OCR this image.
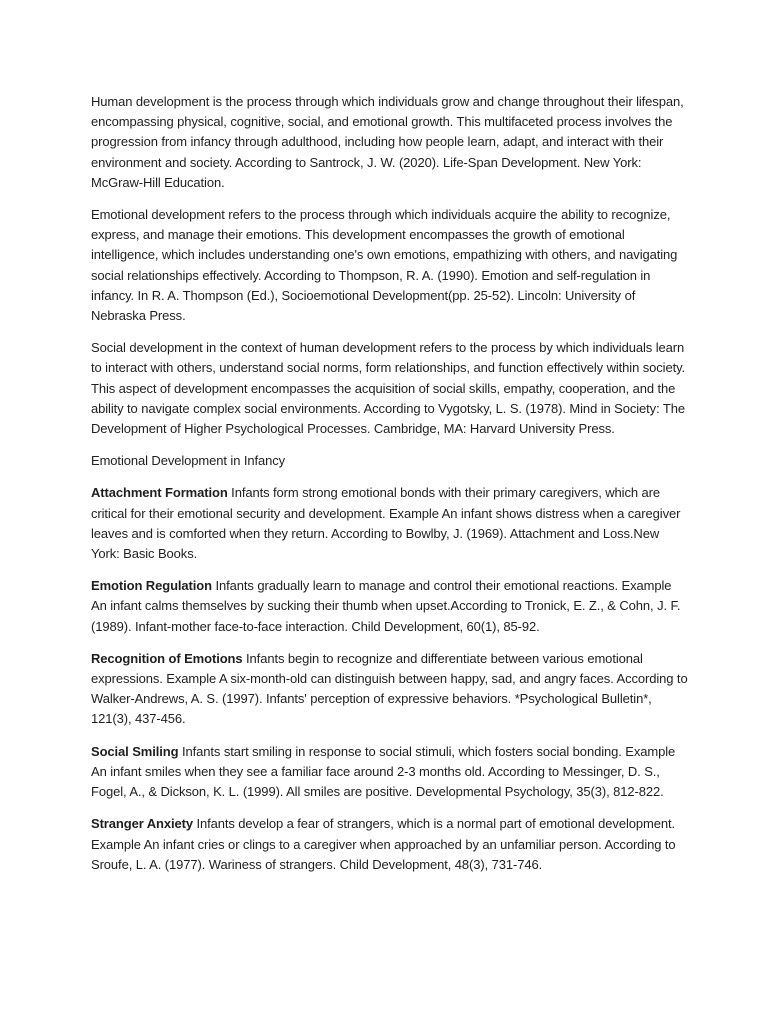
Human development is the process through which individuals grow and change throughout their lifespan, encompassing physical, cognitive, social, and emotional growth. This multifaceted process involves the progression from infancy through adulthood, including how people learn, adapt, and interact with their environment and society. According to Santrock, J. W. (2020). Life-Span Development. New York: McGraw-Hill Education.

Emotional development refers to the process through which individuals acquire the ability to recognize, express, and manage their emotions. This development encompasses the growth of emotional intelligence, which includes understanding one's own emotions, empathizing with others, and navigating social relationships effectively. According to Thompson, R. A. (1990). Emotion and self-regulation in infancy. In R. A. Thompson (Ed.), Socioemotional Development(pp. 25-52). Lincoln: University of Nebraska Press.

Social development in the context of human development refers to the process by which individuals learn to interact with others, understand social norms, form relationships, and function effectively within society. This aspect of development encompasses the acquisition of social skills, empathy, cooperation, and the ability to navigate complex social environments. According to Vygotsky, L. S. (1978). Mind in Society: The Development of Higher Psychological Processes. Cambridge, MA: Harvard University Press.

Emotional Development in Infancy

Attachment Formation Infants form strong emotional bonds with their primary caregivers, which are critical for their emotional security and development. Example An infant shows distress when a caregiver leaves and is comforted when they return. According to Bowlby, J. (1969). Attachment and Loss.New York: Basic Books.

Emotion Regulation Infants gradually learn to manage and control their emotional reactions. Example An infant calms themselves by sucking their thumb when upset.According to Tronick, E. Z., & Cohn, J. F. (1989). Infant-mother face-to-face interaction. Child Development, 60(1), 85-92.

Recognition of Emotions Infants begin to recognize and differentiate between various emotional expressions. Example A six-month-old can distinguish between happy, sad, and angry faces. According to Walker-Andrews, A. S. (1997). Infants' perception of expressive behaviors. *Psychological Bulletin*, 121(3), 437-456.

Social Smiling Infants start smiling in response to social stimuli, which fosters social bonding. Example An infant smiles when they see a familiar face around 2-3 months old. According to Messinger, D. S., Fogel, A., & Dickson, K. L. (1999). All smiles are positive. Developmental Psychology, 35(3), 812-822.

Stranger Anxiety Infants develop a fear of strangers, which is a normal part of emotional development. Example An infant cries or clings to a caregiver when approached by an unfamiliar person. According to Sroufe, L. A. (1977). Wariness of strangers. Child Development, 48(3), 731-746.
